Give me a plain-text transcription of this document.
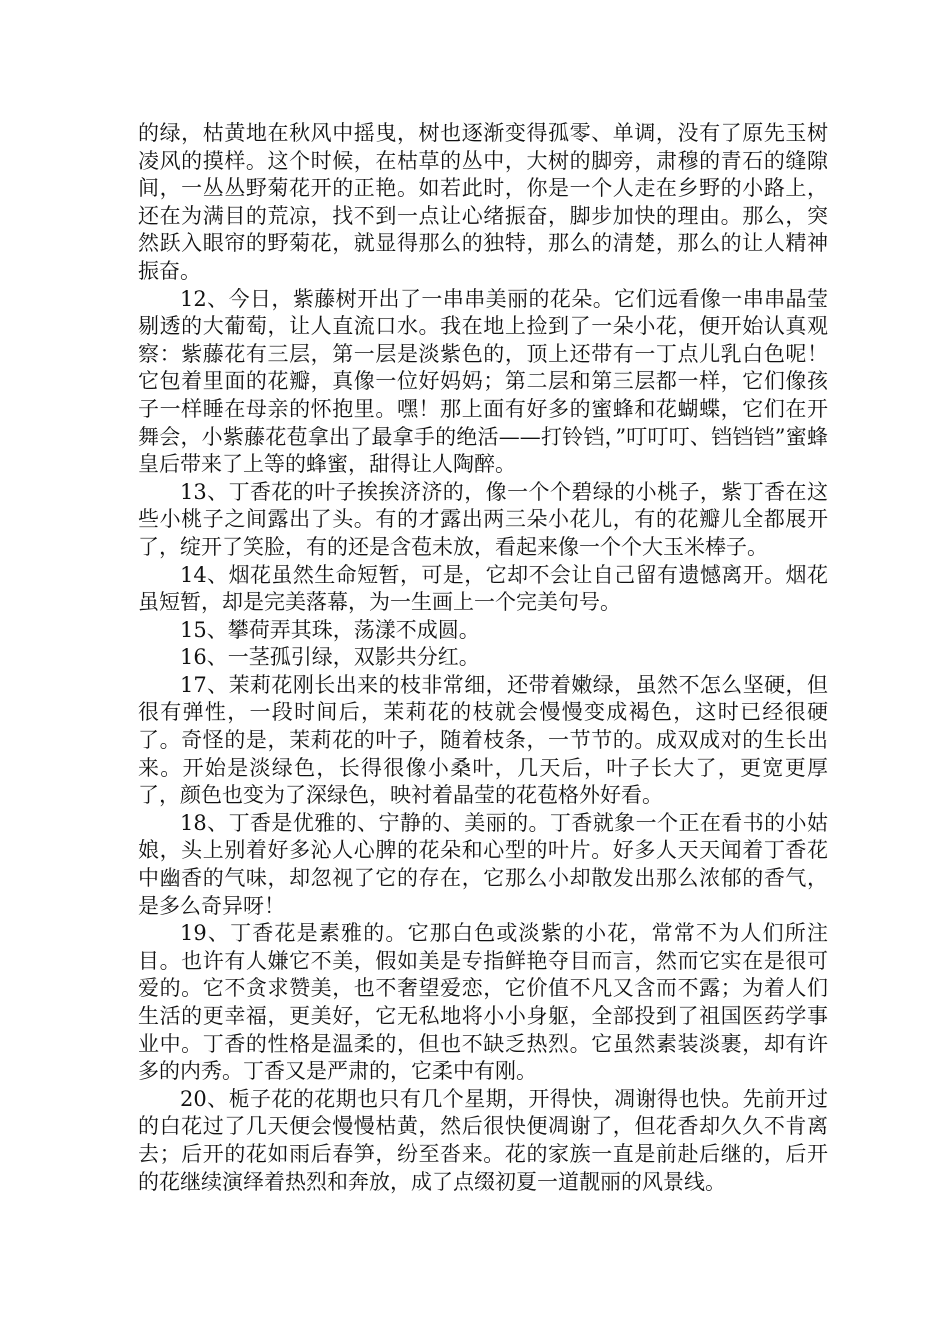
的绿，枯黄地在秋风中摇曳，树也逐渐变得孤零、单调，没有了原先玉树凌风的摸样。这个时候，在枯草的丛中，大树的脚旁，肃穆的青石的缝隙间，一丛丛野菊花开的正艳。如若此时，你是一个人走在乡野的小路上，还在为满目的荒凉，找不到一点让心绪振奋，脚步加快的理由。那么，突然跃入眼帘的野菊花，就显得那么的独特，那么的清楚，那么的让人精神振奋。

12、今日，紫藤树开出了一串串美丽的花朵。它们远看像一串串晶莹剔透的大葡萄，让人直流口水。我在地上捡到了一朵小花，便开始认真观察：紫藤花有三层，第一层是淡紫色的，顶上还带有一丁点儿乳白色呢！它包着里面的花瓣，真像一位好妈妈；第二层和第三层都一样，它们像孩子一样睡在母亲的怀抱里。嘿！那上面有好多的蜜蜂和花蝴蝶，它们在开舞会，小紫藤花苞拿出了最拿手的绝活——打铃铛，”叮叮叮、铛铛铛”蜜蜂皇后带来了上等的蜂蜜，甜得让人陶醉。

13、丁香花的叶子挨挨济济的，像一个个碧绿的小桃子，紫丁香在这些小桃子之间露出了头。有的才露出两三朵小花儿，有的花瓣儿全都展开了，绽开了笑脸，有的还是含苞未放，看起来像一个个大玉米棒子。

14、烟花虽然生命短暂，可是，它却不会让自己留有遗憾离开。烟花虽短暂，却是完美落幕，为一生画上一个完美句号。

15、攀荷弄其珠，荡漾不成圆。

16、一茎孤引绿，双影共分红。

17、茉莉花刚长出来的枝非常细，还带着嫩绿，虽然不怎么坚硬，但很有弹性，一段时间后，茉莉花的枝就会慢慢变成褐色，这时已经很硬了。奇怪的是，茉莉花的叶子，随着枝条，一节节的。成双成对的生长出来。开始是淡绿色，长得很像小桑叶，几天后，叶子长大了，更宽更厚了，颜色也变为了深绿色，映衬着晶莹的花苞格外好看。

18、丁香是优雅的、宁静的、美丽的。丁香就象一个正在看书的小姑娘，头上别着好多沁人心脾的花朵和心型的叶片。好多人天天闻着丁香花中幽香的气味，却忽视了它的存在，它那么小却散发出那么浓郁的香气，是多么奇异呀！

19、丁香花是素雅的。它那白色或淡紫的小花，常常不为人们所注目。也许有人嫌它不美，假如美是专指鲜艳夺目而言，然而它实在是很可爱的。它不贪求赞美，也不奢望爱恋，它价值不凡又含而不露；为着人们生活的更幸福，更美好，它无私地将小小身躯，全部投到了祖国医药学事业中。丁香的性格是温柔的，但也不缺乏热烈。它虽然素装淡裹，却有许多的内秀。丁香又是严肃的，它柔中有刚。

20、栀子花的花期也只有几个星期，开得快，凋谢得也快。先前开过的白花过了几天便会慢慢枯黄，然后很快便凋谢了，但花香却久久不肯离去；后开的花如雨后春笋，纷至沓来。花的家族一直是前赴后继的，后开的花继续演绎着热烈和奔放，成了点缀初夏一道靓丽的风景线。
